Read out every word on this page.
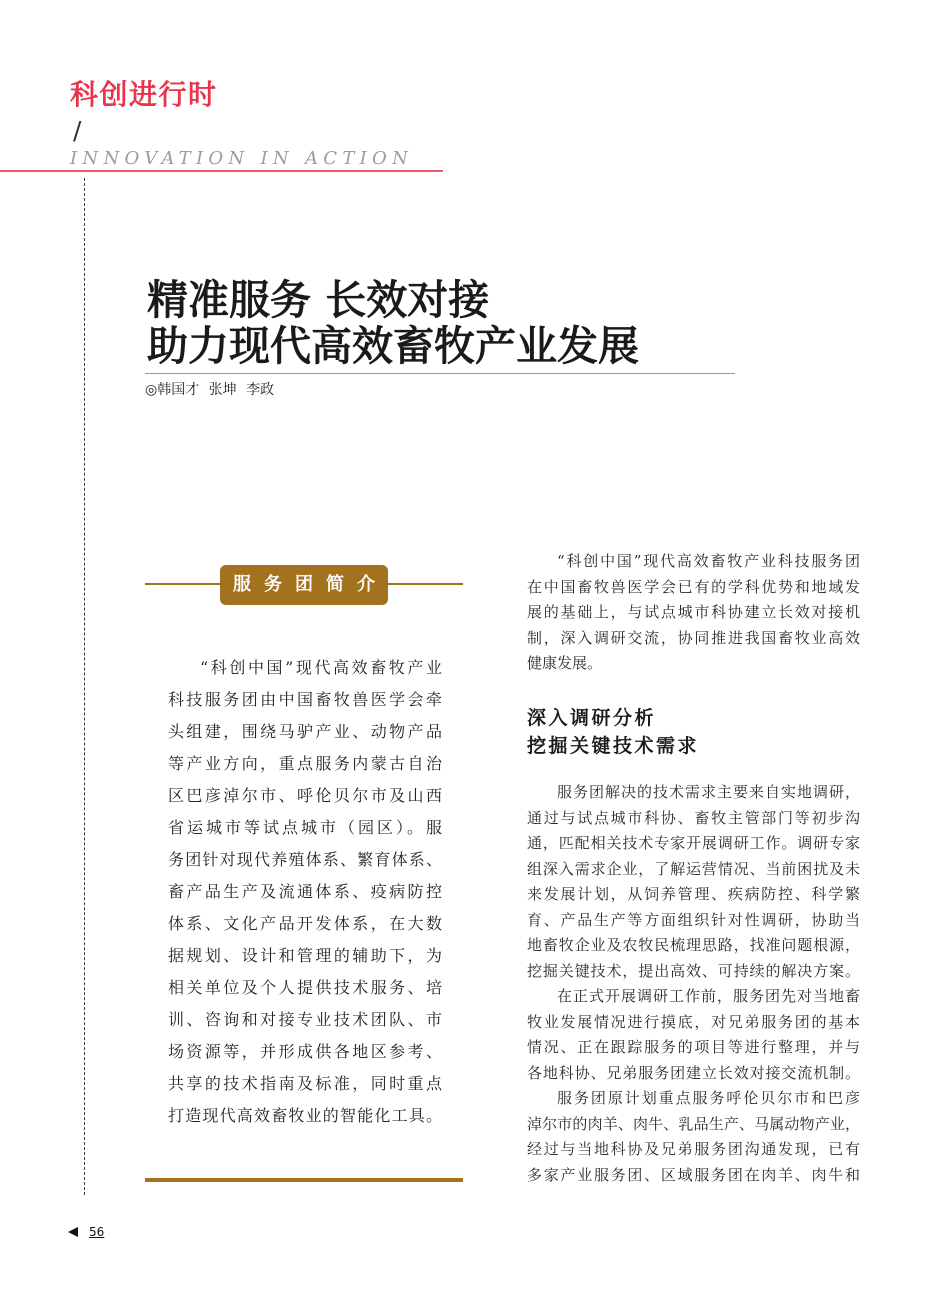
科创进行时
/
INNOVATION IN ACTION
精准服务 长效对接
助力现代高效畜牧产业发展
◎韩国才 张坤 李政
服务团简介
“科创中国”现代高效畜牧产业
科技服务团由中国畜牧兽医学会牵
头组建，围绕马驴产业、动物产品
等产业方向，重点服务内蒙古自治
区巴彦淖尔市、呼伦贝尔市及山西
省运城市等试点城市（园区）。服
务团针对现代养殖体系、繁育体系、
畜产品生产及流通体系、疫病防控
体系、文化产品开发体系，在大数
据规划、设计和管理的辅助下，为
相关单位及个人提供技术服务、培
训、咨询和对接专业技术团队、市
场资源等，并形成供各地区参考、
共享的技术指南及标准，同时重点
打造现代高效畜牧业的智能化工具。
“科创中国”现代高效畜牧产业科技服务团
在中国畜牧兽医学会已有的学科优势和地域发
展的基础上，与试点城市科协建立长效对接机
制，深入调研交流，协同推进我国畜牧业高效
健康发展。
深入调研分析
挖掘关键技术需求
服务团解决的技术需求主要来自实地调研，
通过与试点城市科协、畜牧主管部门等初步沟
通，匹配相关技术专家开展调研工作。调研专家
组深入需求企业，了解运营情况、当前困扰及未
来发展计划，从饲养管理、疾病防控、科学繁
育、产品生产等方面组织针对性调研，协助当
地畜牧企业及农牧民梳理思路，找准问题根源，
挖掘关键技术，提出高效、可持续的解决方案。
在正式开展调研工作前，服务团先对当地畜
牧业发展情况进行摸底，对兄弟服务团的基本
情况、正在跟踪服务的项目等进行整理，并与
各地科协、兄弟服务团建立长效对接交流机制。
服务团原计划重点服务呼伦贝尔市和巴彦
淖尔市的肉羊、肉牛、乳品生产、马属动物产业，
经过与当地科协及兄弟服务团沟通发现，已有
多家产业服务团、区域服务团在肉羊、肉牛和
56
